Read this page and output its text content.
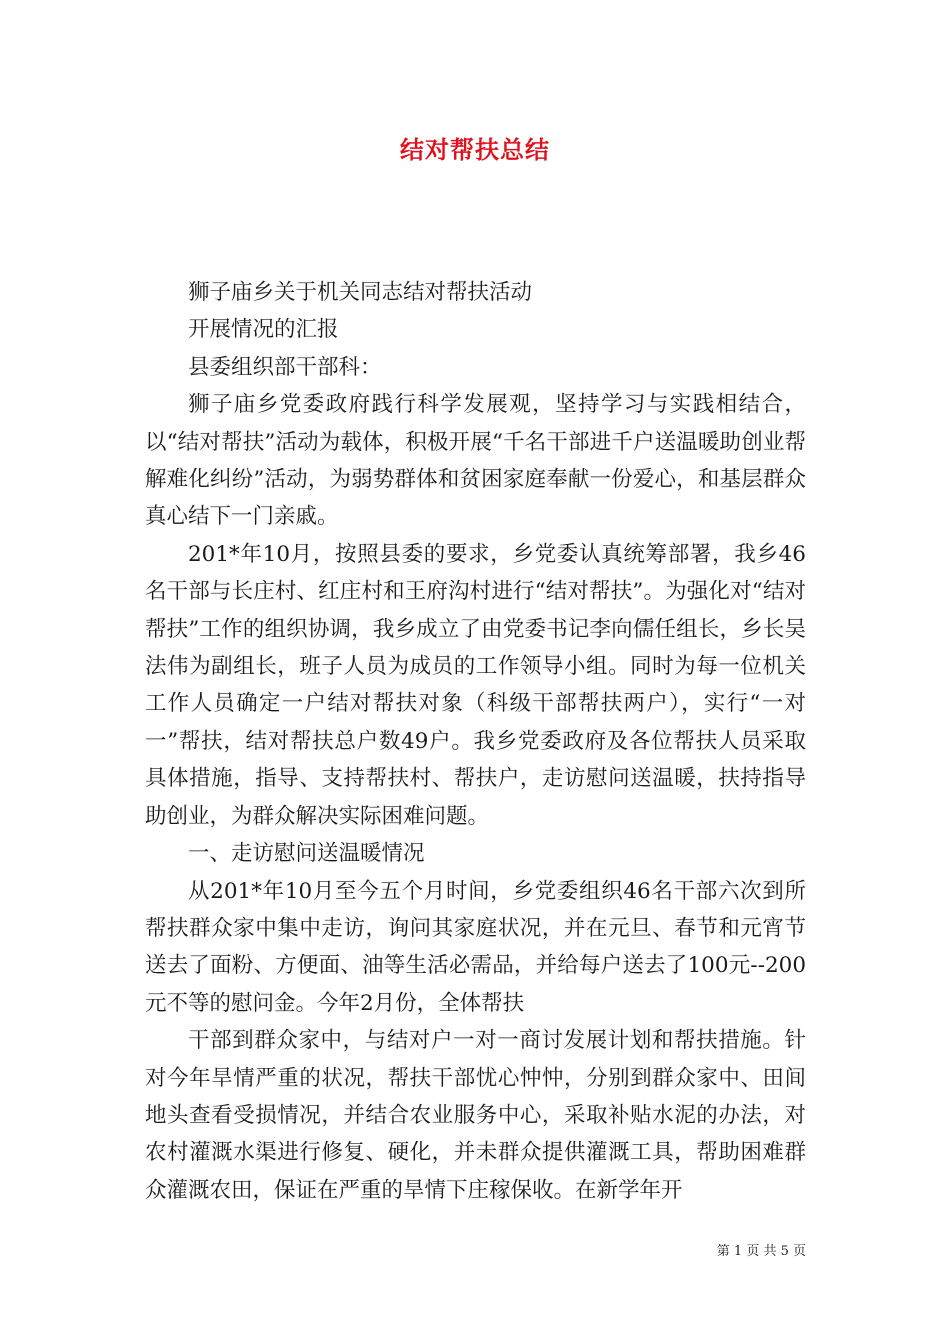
结对帮扶总结

狮子庙乡关于机关同志结对帮扶活动

开展情况的汇报

县委组织部干部科：

狮子庙乡党委政府践行科学发展观，坚持学习与实践相结合，以“结对帮扶”活动为载体，积极开展“千名干部进千户送温暖助创业帮解难化纠纷”活动，为弱势群体和贫困家庭奉献一份爱心，和基层群众真心结下一门亲戚。

201*年10月，按照县委的要求，乡党委认真统筹部署，我乡46名干部与长庄村、红庄村和王府沟村进行“结对帮扶”。为强化对“结对帮扶”工作的组织协调，我乡成立了由党委书记李向儒任组长，乡长吴法伟为副组长，班子人员为成员的工作领导小组。同时为每一位机关工作人员确定一户结对帮扶对象（科级干部帮扶两户），实行“一对一”帮扶，结对帮扶总户数49户。我乡党委政府及各位帮扶人员采取具体措施，指导、支持帮扶村、帮扶户，走访慰问送温暖，扶持指导助创业，为群众解决实际困难问题。

一、走访慰问送温暖情况

从201*年10月至今五个月时间，乡党委组织46名干部六次到所帮扶群众家中集中走访，询问其家庭状况，并在元旦、春节和元宵节送去了面粉、方便面、油等生活必需品，并给每户送去了100元--200元不等的慰问金。今年2月份，全体帮扶

干部到群众家中，与结对户一对一商讨发展计划和帮扶措施。针对今年旱情严重的状况，帮扶干部忧心忡忡，分别到群众家中、田间地头查看受损情况，并结合农业服务中心，采取补贴水泥的办法，对农村灌溉水渠进行修复、硬化，并未群众提供灌溉工具，帮助困难群众灌溉农田，保证在严重的旱情下庄稼保收。在新学年开

第 1 页 共 5 页
